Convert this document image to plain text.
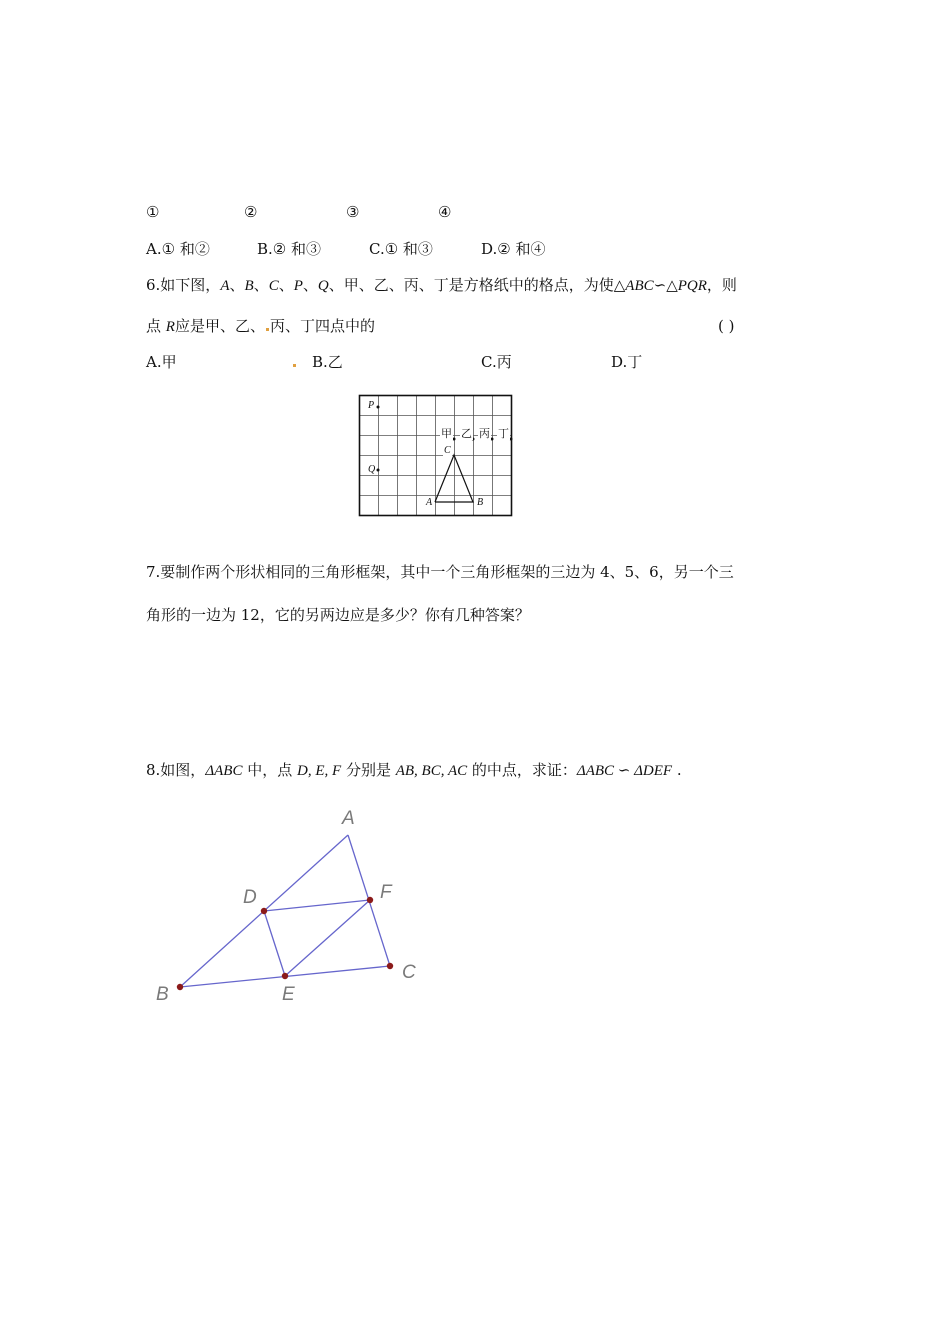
①	②	③	④
A.① 和②	B.② 和③	C.① 和③	D.② 和④
6.如下图，A、B、C、P、Q、甲、乙、丙、丁是方格纸中的格点，为使△ABC∽△PQR，则
点 R应是甲、乙、 丙、丁四点中的	( )
A.甲	B.乙	C.丙	D.丁
P
Q
C
A	B
甲 乙 丙 丁
7.要制作两个形状相同的三角形框架，其中一个三角形框架的三边为 4、5、6，另一个三
角形的一边为 12，它的另两边应是多少？你有几种答案？
8.如图，ΔABC 中，点 D, E, F 分别是 AB, BC, AC 的中点，求证：ΔABC ∽ ΔDEF .
A
B
C
D
E
F
